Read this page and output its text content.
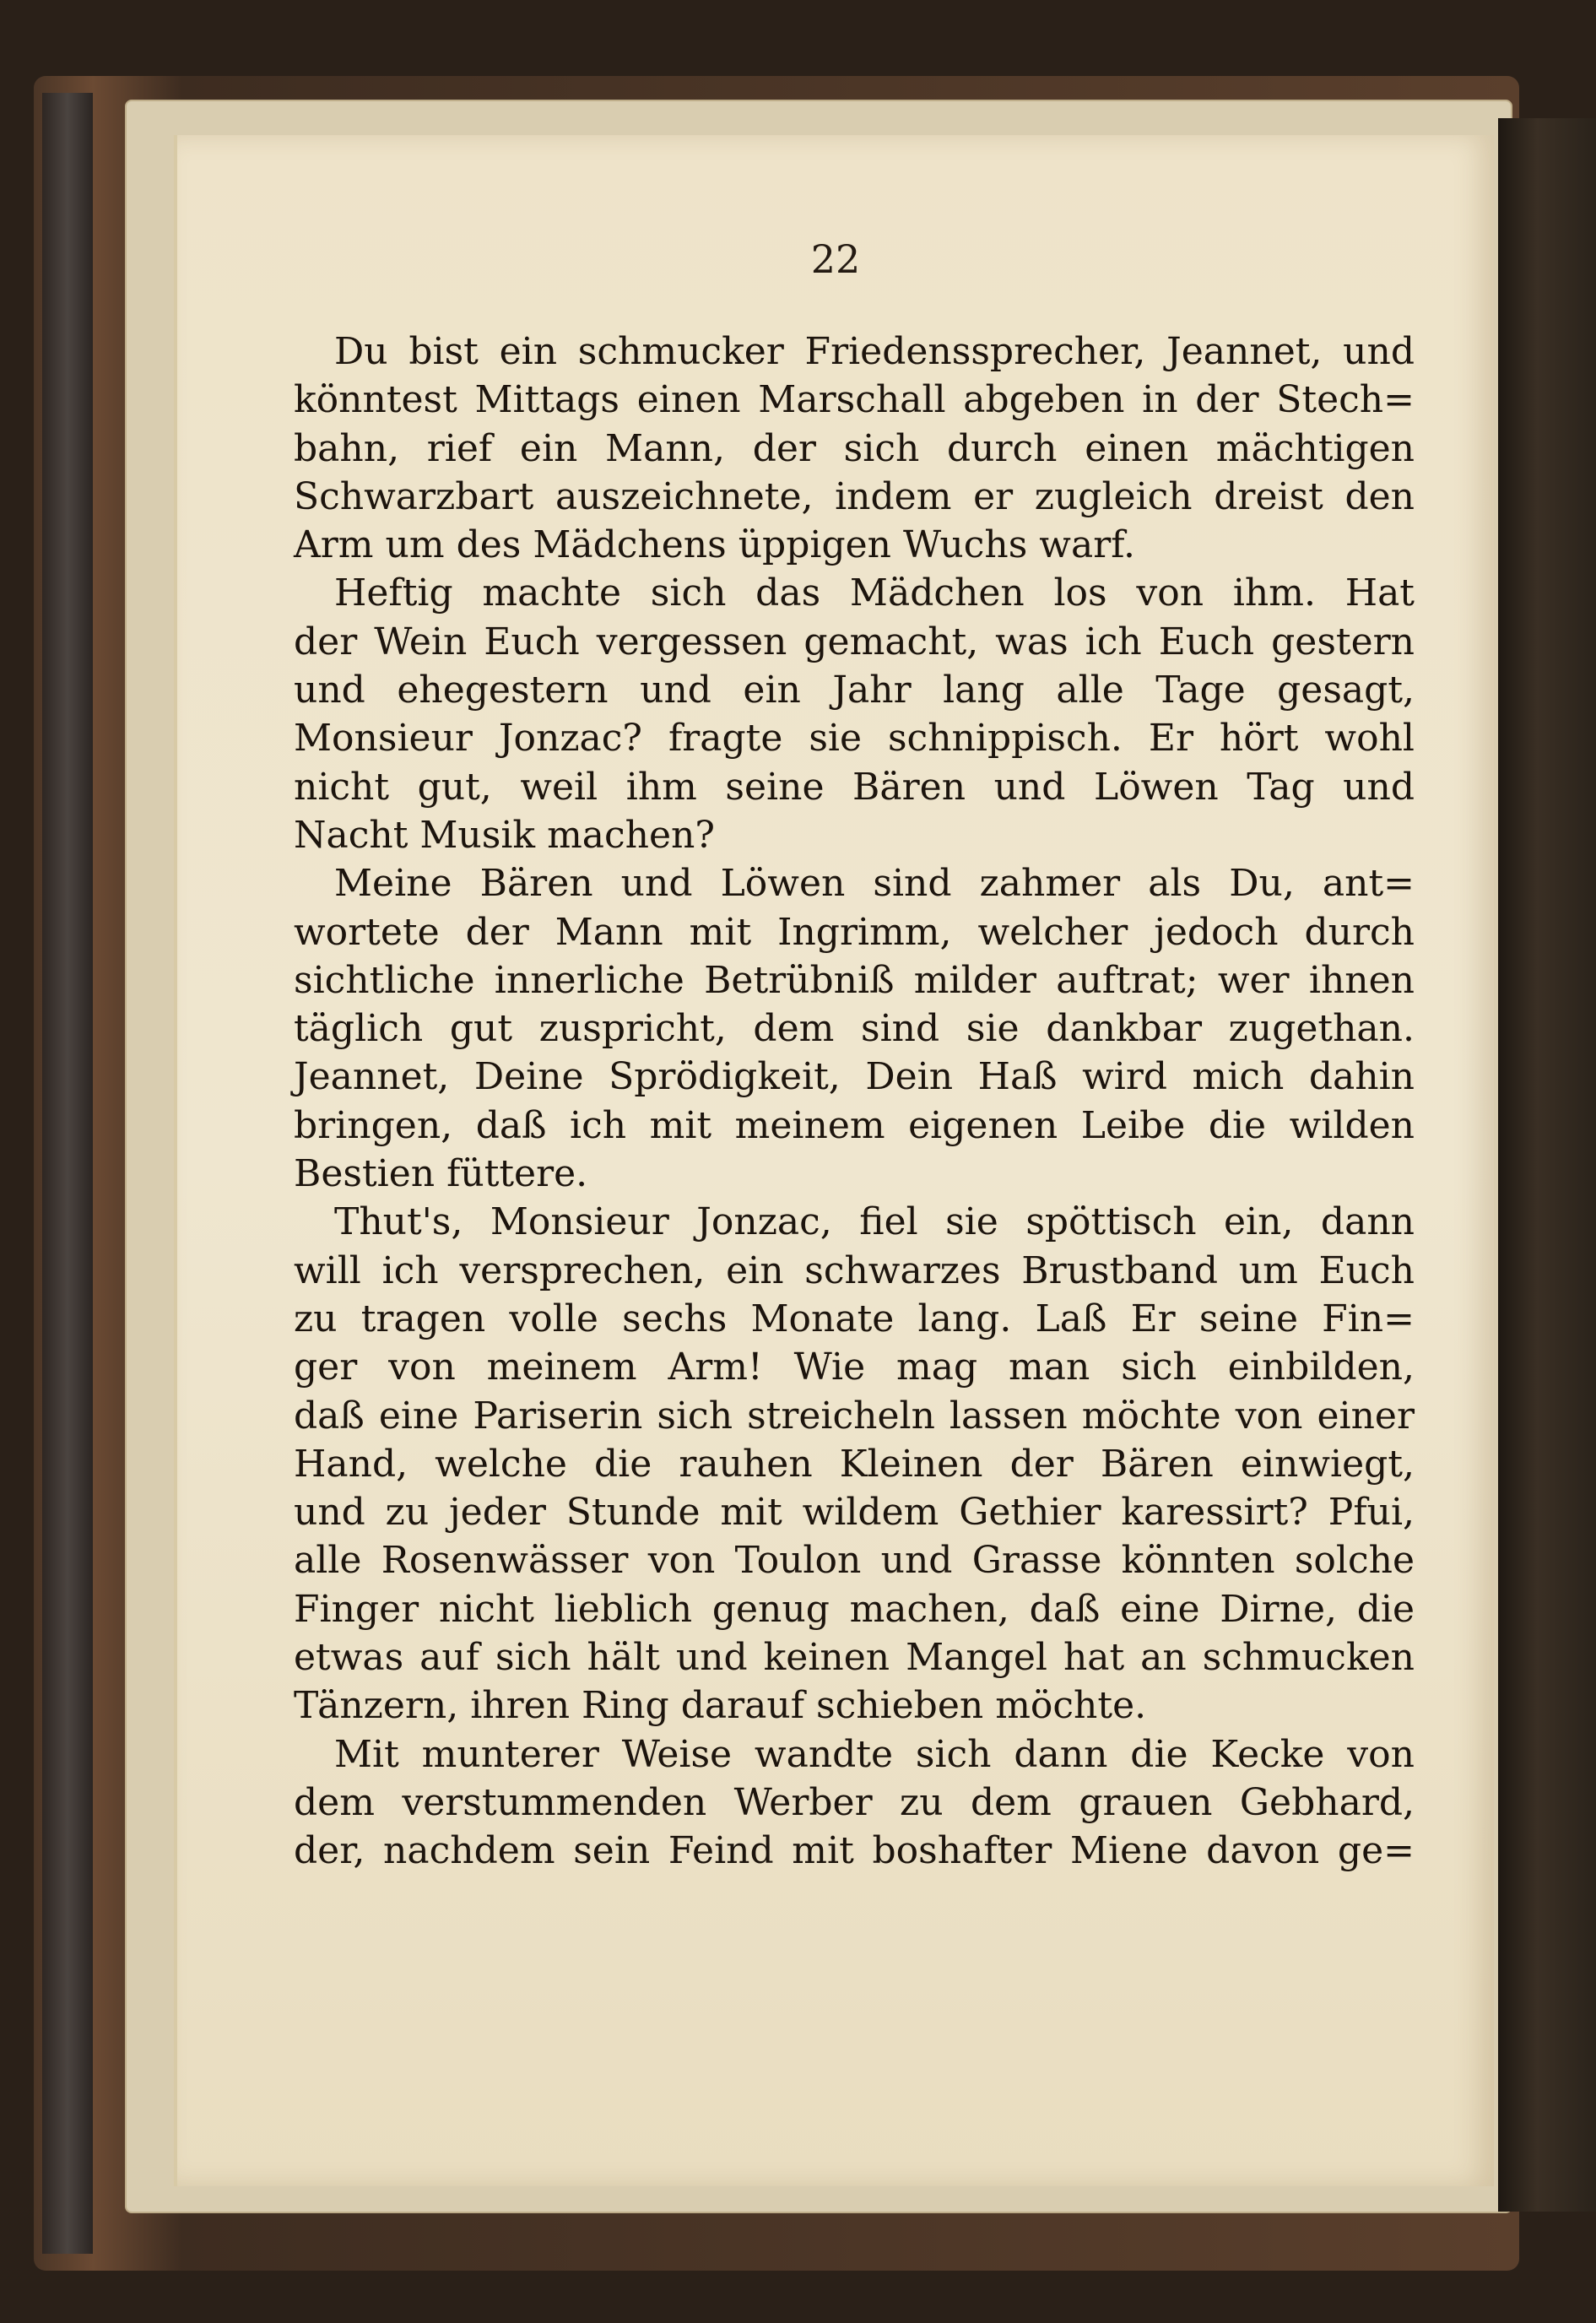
22
Du bist ein schmucker Friedenssprecher, Jeannet, und
könntest Mittags einen Marschall abgeben in der Stech=
bahn, rief ein Mann, der sich durch einen mächtigen
Schwarzbart auszeichnete, indem er zugleich dreist den
Arm um des Mädchens üppigen Wuchs warf.
Heftig machte sich das Mädchen los von ihm. Hat
der Wein Euch vergessen gemacht, was ich Euch gestern
und ehegestern und ein Jahr lang alle Tage gesagt,
Monsieur Jonzac? fragte sie schnippisch. Er hört wohl
nicht gut, weil ihm seine Bären und Löwen Tag und
Nacht Musik machen?
Meine Bären und Löwen sind zahmer als Du, ant=
wortete der Mann mit Ingrimm, welcher jedoch durch
sichtliche innerliche Betrübniß milder auftrat; wer ihnen
täglich gut zuspricht, dem sind sie dankbar zugethan.
Jeannet, Deine Sprödigkeit, Dein Haß wird mich dahin
bringen, daß ich mit meinem eigenen Leibe die wilden
Bestien füttere.
Thut's, Monsieur Jonzac, fiel sie spöttisch ein, dann
will ich versprechen, ein schwarzes Brustband um Euch
zu tragen volle sechs Monate lang. Laß Er seine Fin=
ger von meinem Arm! Wie mag man sich einbilden,
daß eine Pariserin sich streicheln lassen möchte von einer
Hand, welche die rauhen Kleinen der Bären einwiegt,
und zu jeder Stunde mit wildem Gethier karessirt? Pfui,
alle Rosenwässer von Toulon und Grasse könnten solche
Finger nicht lieblich genug machen, daß eine Dirne, die
etwas auf sich hält und keinen Mangel hat an schmucken
Tänzern, ihren Ring darauf schieben möchte.
Mit munterer Weise wandte sich dann die Kecke von
dem verstummenden Werber zu dem grauen Gebhard,
der, nachdem sein Feind mit boshafter Miene davon ge=
